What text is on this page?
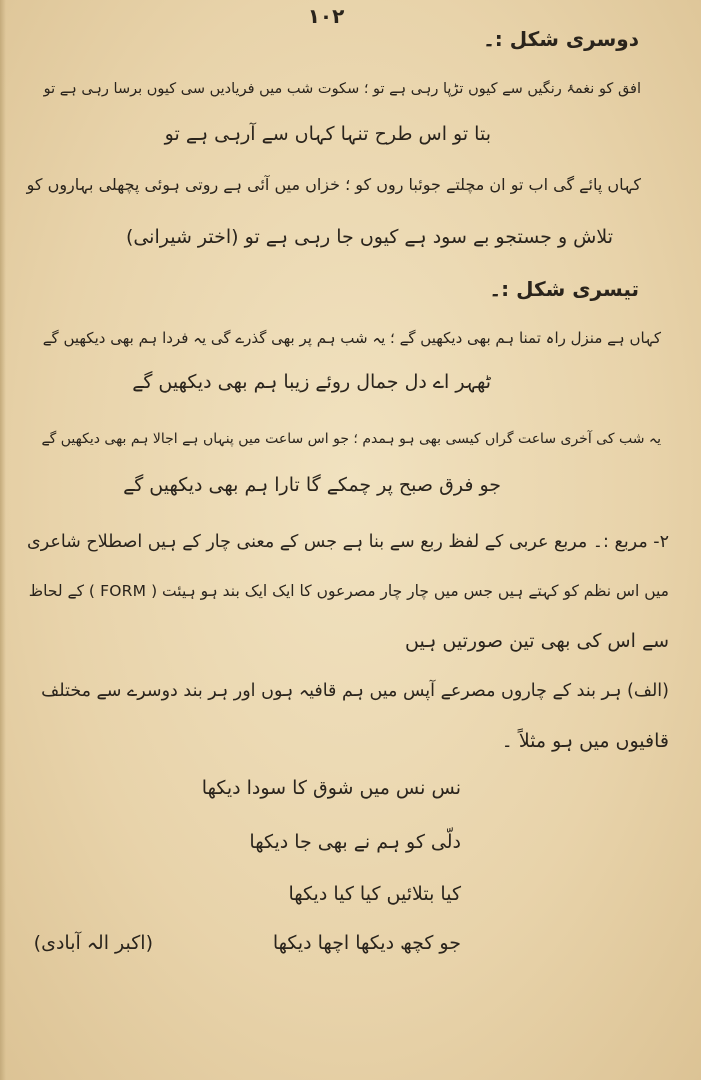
۱۰۲
دوسری شکل :۔
افق کو نغمۂ رنگیں سے کیوں تڑپا رہی ہے تو ؛ سکوت شب میں فریادیں سی کیوں برسا رہی ہے تو
بتا تو اس طرح تنہا کہاں سے آرہی ہے تو
کہاں پائے گی اب تو ان مچلتے جوئبا روں کو ؛ خزاں میں آئی ہے روتی ہوئی پچھلی بہاروں کو
تلاش و جستجو بے سود ہے کیوں جا رہی ہے تو (اختر شیرانی)
تیسری شکل :۔
کہاں ہے منزل راہ تمنا ہم بھی دیکھیں گے ؛ یہ شب ہم پر بھی گذرے گی یہ فردا ہم بھی دیکھیں گے
ٹھہر اے دل جمال روئے زیبا ہم بھی دیکھیں گے
یہ شب کی آخری ساعت گراں کیسی بھی ہو ہمدم ؛ جو اس ساعت میں پنہاں ہے اجالا ہم بھی دیکھیں گے
جو فرق صبح پر چمکے گا تارا ہم بھی دیکھیں گے
۲- مربع :۔ مربع عربی کے لفظ ربع سے بنا ہے جس کے معنی چار کے ہیں اصطلاح شاعری
میں اس نظم کو کہتے ہیں جس میں چار چار مصرعوں کا ایک ایک بند ہو ہیئت ( FORM ) کے لحاظ
سے اس کی بھی تین صورتیں ہیں
(الف) ہر بند کے چاروں مصرعے آپس میں ہم قافیہ ہوں اور ہر بند دوسرے سے مختلف
قافیوں میں ہو مثلاً ۔
نس نس میں شوق کا سودا دیکھا
دلّی کو ہم نے بھی جا دیکھا
کیا بتلائیں کیا کیا دیکھا
جو کچھ دیکھا اچھا دیکھا
(اکبر الہ آبادی)
